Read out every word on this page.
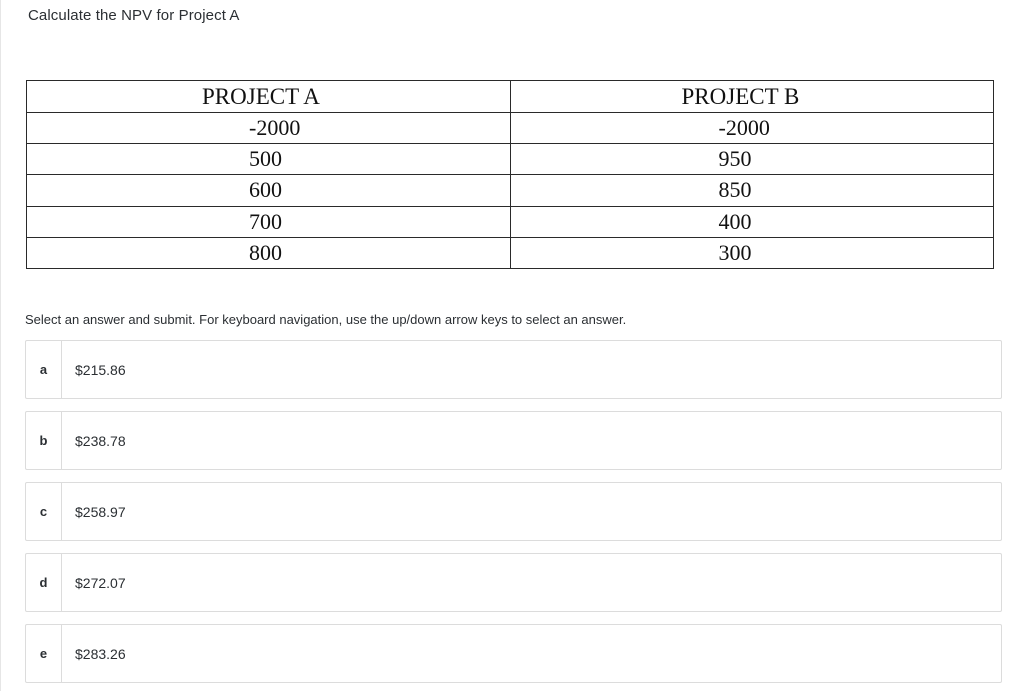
Calculate the NPV for Project A
PROJECT A	PROJECT B
-2000	-2000
500	950
600	850
700	400
800	300
Select an answer and submit. For keyboard navigation, use the up/down arrow keys to select an answer.
a	$215.86
b	$238.78
c	$258.97
d	$272.07
e	$283.26
